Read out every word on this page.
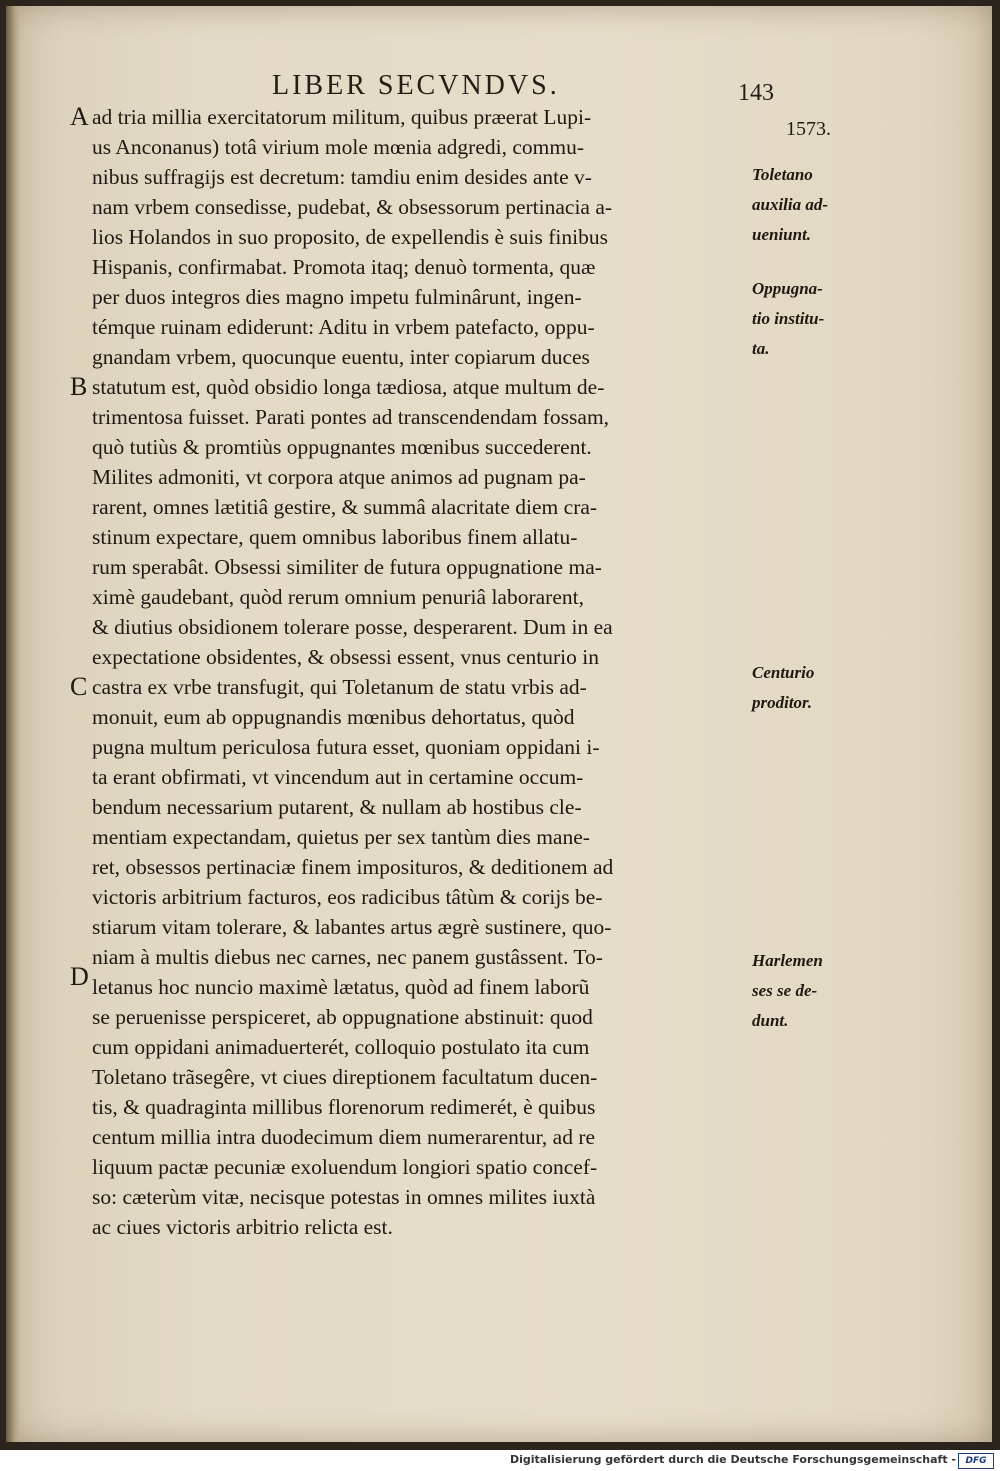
LIBER SECVNDVS.	143
1573.
A
B
C
D
ad tria millia exercitatorum militum, quibus præerat Lupi-
us Anconanus) totâ virium mole mœnia adgredi, commu-
nibus suffragijs est decretum: tamdiu enim desides ante v-
nam vrbem consedisse, pudebat, & obsessorum pertinacia a-
lios Holandos in suo proposito, de expellendis è suis finibus
Hispanis, confirmabat. Promota itaq; denuò tormenta, quæ
per duos integros dies magno impetu fulminârunt, ingen-
témque ruinam ediderunt: Aditu in vrbem patefacto, oppu-
gnandam vrbem, quocunque euentu, inter copiarum duces
statutum est, quòd obsidio longa tædiosa, atque multum de-
trimentosa fuisset. Parati pontes ad transcendendam fossam,
quò tutiùs & promtiùs oppugnantes mœnibus succederent.
Milites admoniti, vt corpora atque animos ad pugnam pa-
rarent, omnes lætitiâ gestire, & summâ alacritate diem cra-
stinum expectare, quem omnibus laboribus finem allatu-
rum sperabât. Obsessi similiter de futura oppugnatione ma-
ximè gaudebant, quòd rerum omnium penuriâ laborarent,
& diutius obsidionem tolerare posse, desperarent. Dum in ea
expectatione obsidentes, & obsessi essent, vnus centurio in
castra ex vrbe transfugit, qui Toletanum de statu vrbis ad-
monuit, eum ab oppugnandis mœnibus dehortatus, quòd
pugna multum periculosa futura esset, quoniam oppidani i-
ta erant obfirmati, vt vincendum aut in certamine occum-
bendum necessarium putarent, & nullam ab hostibus cle-
mentiam expectandam, quietus per sex tantùm dies mane-
ret, obsessos pertinaciæ finem imposituros, & deditionem ad
victoris arbitrium facturos, eos radicibus tâtùm & corijs be-
stiarum vitam tolerare, & labantes artus ægrè sustinere, quo-
niam à multis diebus nec carnes, nec panem gustâssent. To-
letanus hoc nuncio maximè lætatus, quòd ad finem laborũ
se peruenisse perspiceret, ab oppugnatione abstinuit: quod
cum oppidani animaduerterét, colloquio postulato ita cum
Toletano trãsegêre, vt ciues direptionem facultatum ducen-
tis, & quadraginta millibus florenorum redimerét, è quibus
centum millia intra duodecimum diem numerarentur, ad re
liquum pactæ pecuniæ exoluendum longiori spatio concef-
so: cæterùm vitæ, necisque potestas in omnes milites iuxtà
ac ciues victoris arbitrio relicta est.
Toletano
auxilia ad-
ueniunt.
Oppugna-
tio institu-
ta.
Centurio
proditor.
Harlemen
ses se de-
dunt.
Digitalisierung gefördert durch die Deutsche Forschungsgemeinschaft -	DFG
